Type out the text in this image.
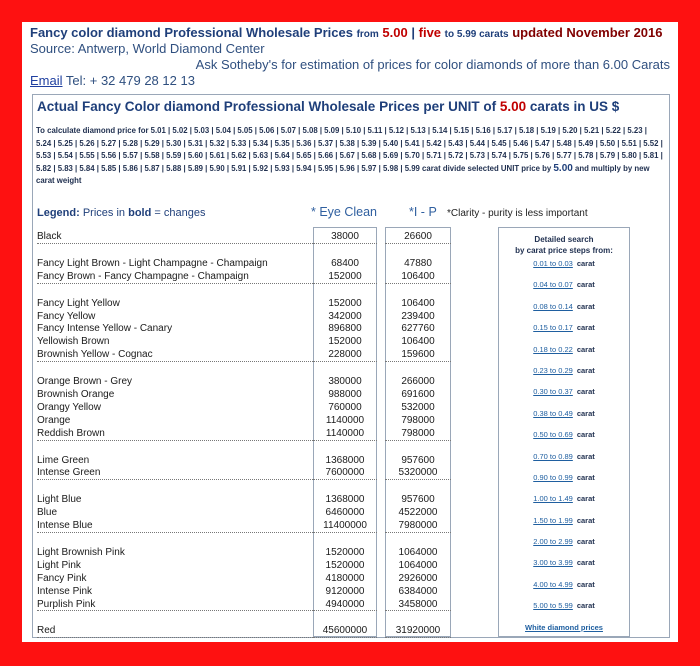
Fancy color diamond Professional Wholesale Prices from 5.00 | five to 5.99 carats updated November 2016
Source: Antwerp, World Diamond Center
Ask Sotheby's for estimation of prices for color diamonds of more than 6.00 Carats
Email Tel: + 32 479 28 12 13
Actual Fancy Color diamond Professional Wholesale Prices per UNIT of 5.00 carats in US $
To calculate diamond price for 5.01 | 5.02 | 5.03 | 5.04 | 5.05 | 5.06 | 5.07 | 5.08 | 5.09 | 5.10 | 5.11 | 5.12 | 5.13 | 5.14 | 5.15 | 5.16 | 5.17 | 5.18 | 5.19 | 5.20 | 5.21 | 5.22 | 5.23 | 5.24 | 5.25 | 5.26 | 5.27 | 5.28 | 5.29 | 5.30 | 5.31 | 5.32 | 5.33 | 5.34 | 5.35 | 5.36 | 5.37 | 5.38 | 5.39 | 5.40 | 5.41 | 5.42 | 5.43 | 5.44 | 5.45 | 5.46 | 5.47 | 5.48 | 5.49 | 5.50 | 5.51 | 5.52 | 5.53 | 5.54 | 5.55 | 5.56 | 5.57 | 5.58 | 5.59 | 5.60 | 5.61 | 5.62 | 5.63 | 5.64 | 5.65 | 5.66 | 5.67 | 5.68 | 5.69 | 5.70 | 5.71 | 5.72 | 5.73 | 5.74 | 5.75 | 5.76 | 5.77 | 5.78 | 5.79 | 5.80 | 5.81 | 5.82 | 5.83 | 5.84 | 5.85 | 5.86 | 5.87 | 5.88 | 5.89 | 5.90 | 5.91 | 5.92 | 5.93 | 5.94 | 5.95 | 5.96 | 5.97 | 5.98 | 5.99 carat divide selected UNIT price by 5.00 and multiply by new carat weight
Legend: Prices in bold = changes	* Eye Clean	*I - P *Clarity - purity is less important
Black
Fancy Light Brown - Light Champagne - Champaign
Fancy Brown - Fancy Champagne - Champaign
Fancy Light Yellow
Fancy Yellow
Fancy Intense Yellow - Canary
Yellowish Brown
Brownish Yellow - Cognac
Orange Brown - Grey
Brownish Orange
Orangy Yellow
Orange
Reddish Brown
Lime Green
Intense Green
Light Blue
Blue
Intense Blue
Light Brownish Pink
Light Pink
Fancy Pink
Intense Pink
Purplish Pink
Red
38000
68400
152000
152000
342000
896800
152000
228000
380000
988000
760000
1140000
1140000
1368000
7600000
1368000
6460000
11400000
1520000
1520000
4180000
9120000
4940000
45600000
26600
47880
106400
106400
239400
627760
106400
159600
266000
691600
532000
798000
798000
957600
5320000
957600
4522000
7980000
1064000
1064000
2926000
6384000
3458000
31920000
Detailed search
by carat price steps from:
0.01 to 0.03 carat
0.04 to 0.07 carat
0.08 to 0.14 carat
0.15 to 0.17 carat
0.18 to 0.22 carat
0.23 to 0.29 carat
0.30 to 0.37 carat
0.38 to 0.49 carat
0.50 to 0.69 carat
0.70 to 0.89 carat
0.90 to 0.99 carat
1.00 to 1.49 carat
1.50 to 1.99 carat
2.00 to 2.99 carat
3.00 to 3.99 carat
4.00 to 4.99 carat
5.00 to 5.99 carat
White diamond prices
